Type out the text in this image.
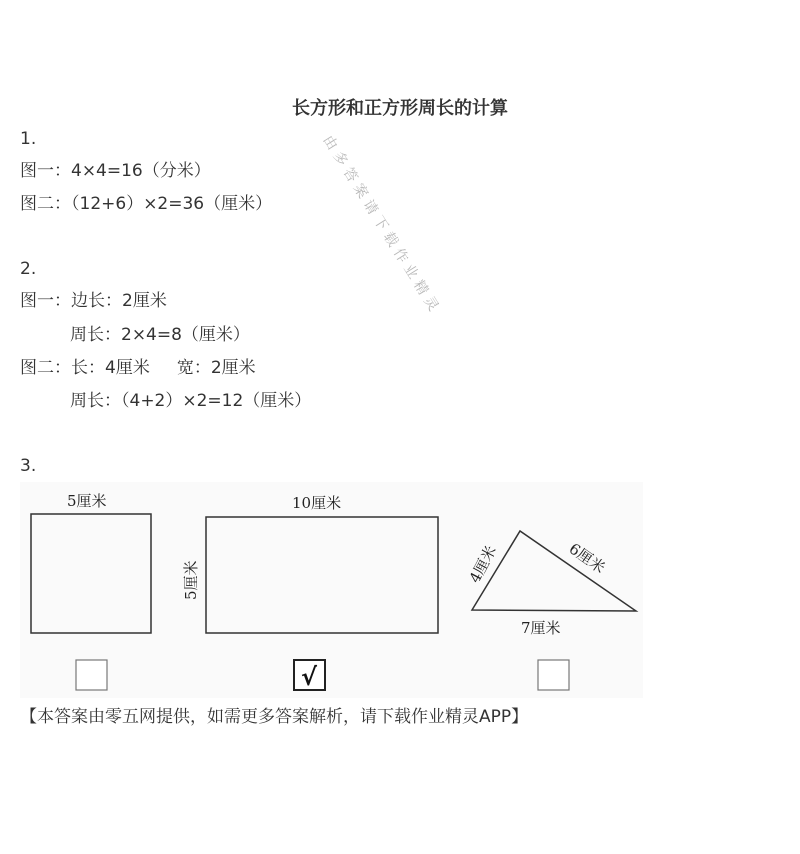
长方形和正方形周长的计算
由多答案请下载作业精灵
1.
图一：4×4=16（分米）
图二：（12+6）×2=36（厘米）
2.
图一：边长：2厘米
周长：2×4=8（厘米）
图二：长：4厘米     宽：2厘米
周长：（4+2）×2=12（厘米）
3.
5厘米	10厘米
5厘米	4厘米	6厘米
7厘米
√
【本答案由零五网提供，如需更多答案解析，请下载作业精灵APP】
